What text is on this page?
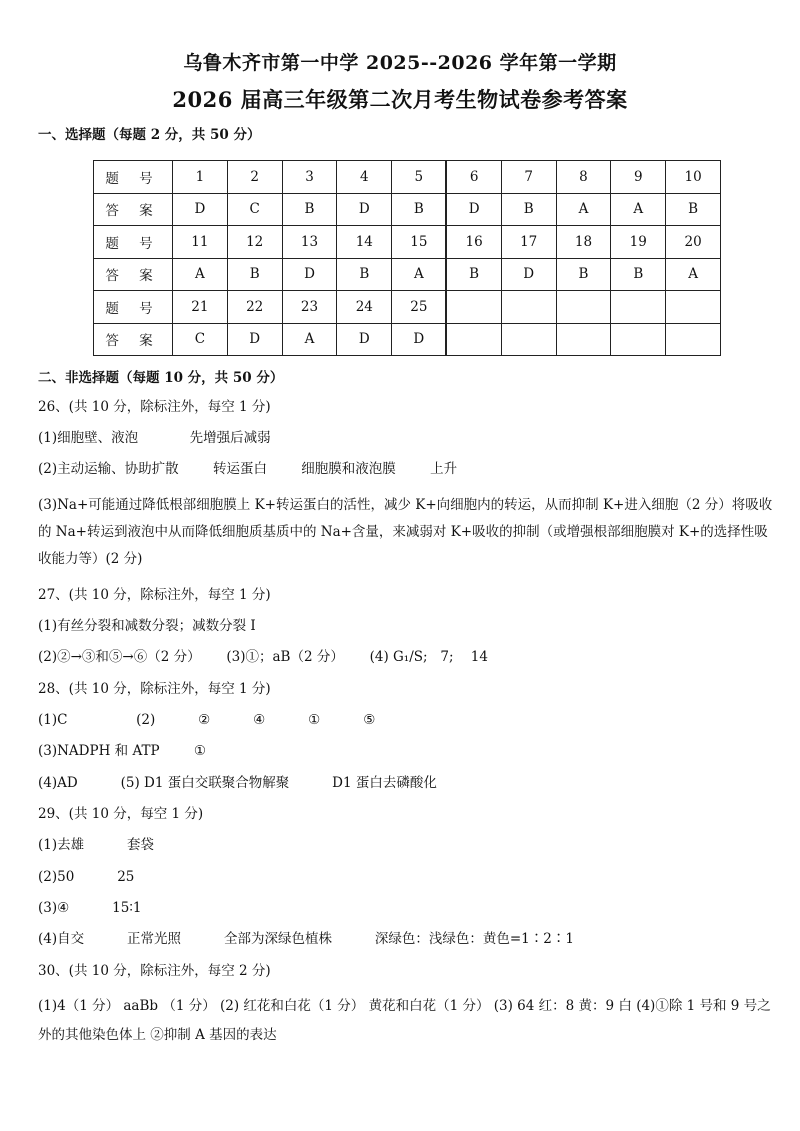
乌鲁木齐市第一中学 2025--2026 学年第一学期
2026 届高三年级第二次月考生物试卷参考答案
一、选择题（每题 2 分，共 50 分）
题 号	1	2	3	4	5	6	7	8	9	10
答 案	D	C	B	D	B	D	B	A	A	B
题 号	11	12	13	14	15	16	17	18	19	20
答 案	A	B	D	B	A	B	D	B	B	A
题 号	21	22	23	24	25					
答 案	C	D	A	D	D					
二、非选择题（每题 10 分，共 50 分）
26、(共 10 分，除标注外，每空 1 分)
(1)细胞壁、液泡            先增强后减弱
(2)主动运输、协助扩散        转运蛋白        细胞膜和液泡膜        上升
(3)Na+可能通过降低根部细胞膜上 K+转运蛋白的活性，减少 K+向细胞内的转运，从而抑制 K+进入细胞（2 分）将吸收的 Na+转运到液泡中从而降低细胞质基质中的 Na+含量，来减弱对 K+吸收的抑制（或增强根部细胞膜对 K+的选择性吸收能力等）(2 分)
27、(共 10 分，除标注外，每空 1 分)
(1)有丝分裂和减数分裂；减数分裂 I
(2)②→③和⑤→⑥（2 分）      (3)①；aB（2 分）      (4) G₁/S;   7;    14
28、(共 10 分，除标注外，每空 1 分)
(1)C                (2)          ②          ④          ①          ⑤
(3)NADPH 和 ATP        ①
(4)AD          (5) D1 蛋白交联聚合物解聚          D1 蛋白去磷酸化
29、(共 10 分，每空 1 分)
(1)去雄          套袋
(2)50          25
(3)④          15∶1
(4)自交          正常光照          全部为深绿色植株          深绿色：浅绿色：黄色=1∶2∶1
30、(共 10 分，除标注外，每空 2 分)
(1)4（1 分） aaBb （1 分） (2) 红花和白花（1 分） 黄花和白花（1 分） (3) 64 红：8 黄：9 白 (4)①除 1 号和 9 号之外的其他染色体上 ②抑制 A 基因的表达
